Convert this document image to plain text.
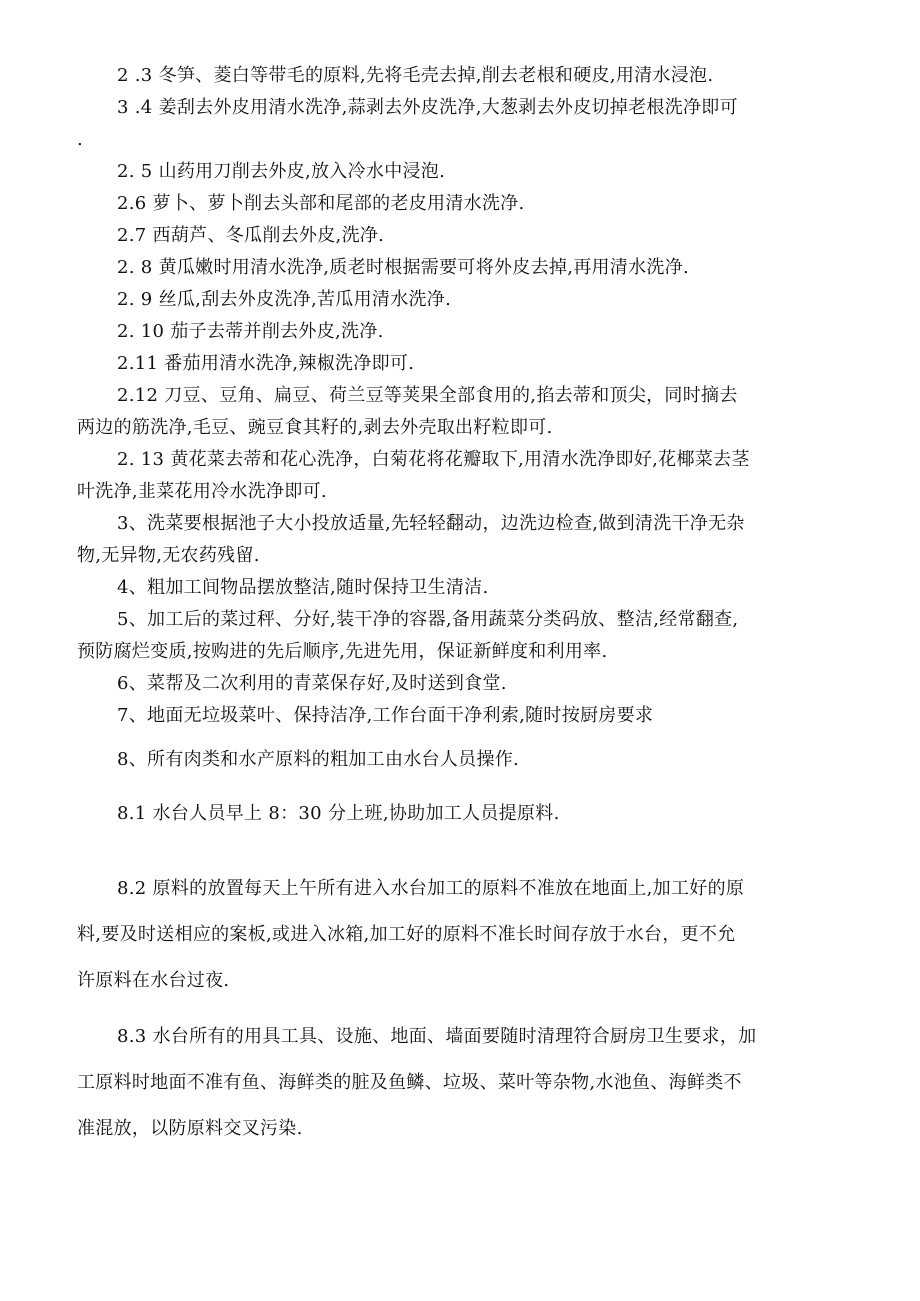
2 .3 冬笋、菱白等带毛的原料,先将毛壳去掉,削去老根和硬皮,用清水浸泡.
3 .4 姜刮去外皮用清水洗净,蒜剥去外皮洗净,大葱剥去外皮切掉老根洗净即可
.
2. 5 山药用刀削去外皮,放入冷水中浸泡.
2.6 萝卜、萝卜削去头部和尾部的老皮用清水洗净.
2.7 西葫芦、冬瓜削去外皮,洗净.
2. 8 黄瓜嫩时用清水洗净,质老时根据需要可将外皮去掉,再用清水洗净.
2. 9 丝瓜,刮去外皮洗净,苦瓜用清水洗净.
2. 10 茄子去蒂并削去外皮,洗净.
2.11 番茄用清水洗净,辣椒洗净即可.
2.12 刀豆、豆角、扁豆、荷兰豆等荚果全部食用的,掐去蒂和顶尖，同时摘去
两边的筋洗净,毛豆、豌豆食其籽的,剥去外壳取出籽粒即可.
2. 13 黄花菜去蒂和花心洗净，白菊花将花瓣取下,用清水洗净即好,花椰菜去茎
叶洗净,韭菜花用冷水洗净即可.
3、洗菜要根据池子大小投放适量,先轻轻翻动，边洗边检查,做到清洗干净无杂
物,无异物,无农药残留.
4、粗加工间物品摆放整洁,随时保持卫生清洁.
5、加工后的菜过秤、分好,装干净的容器,备用蔬菜分类码放、整洁,经常翻查,
预防腐烂变质,按购进的先后顺序,先进先用，保证新鲜度和利用率.
6、菜帮及二次利用的青菜保存好,及时送到食堂.
7、地面无垃圾菜叶、保持洁净,工作台面干净利索,随时按厨房要求
8、所有肉类和水产原料的粗加工由水台人员操作.
8.1 水台人员早上 8：30 分上班,协助加工人员提原料.
8.2 原料的放置每天上午所有进入水台加工的原料不准放在地面上,加工好的原
料,要及时送相应的案板,或进入冰箱,加工好的原料不准长时间存放于水台，更不允
许原料在水台过夜.
8.3 水台所有的用具工具、设施、地面、墙面要随时清理符合厨房卫生要求，加
工原料时地面不准有鱼、海鲜类的脏及鱼鳞、垃圾、菜叶等杂物,水池鱼、海鲜类不
准混放，以防原料交叉污染.
